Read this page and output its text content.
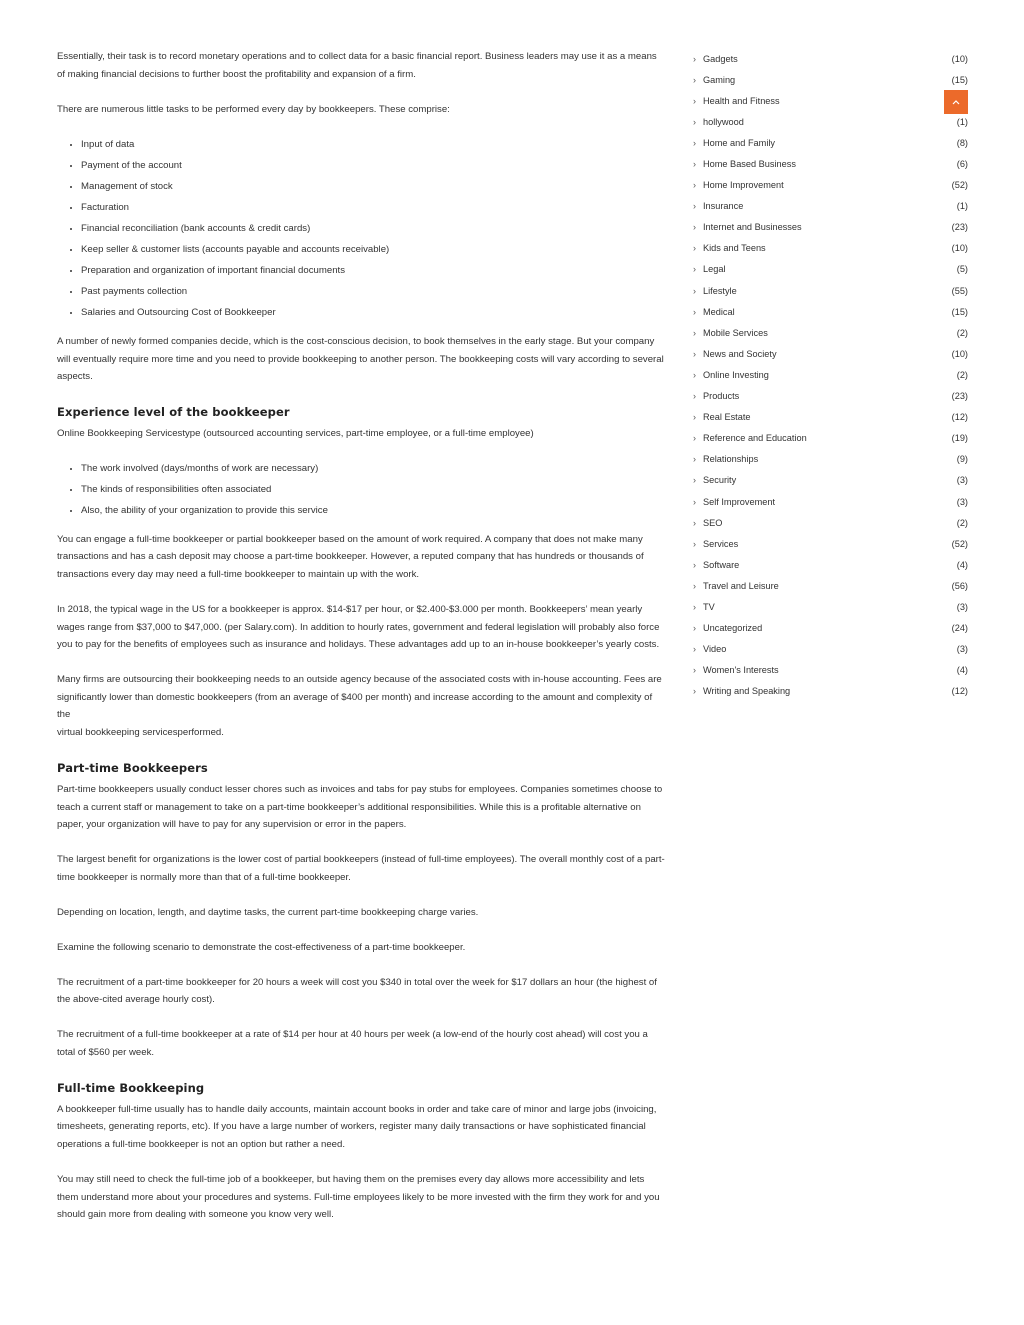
Essentially, their task is to record monetary operations and to collect data for a basic financial report. Business leaders may use it as a means of making financial decisions to further boost the profitability and expansion of a firm.

There are numerous little tasks to be performed every day by bookkeepers. These comprise:

• Input of data
• Payment of the account
• Management of stock
• Facturation
• Financial reconciliation (bank accounts & credit cards)
• Keep seller & customer lists (accounts payable and accounts receivable)
• Preparation and organization of important financial documents
• Past payments collection
• Salaries and Outsourcing Cost of Bookkeeper

A number of newly formed companies decide, which is the cost-conscious decision, to book themselves in the early stage. But your company will eventually require more time and you need to provide bookkeeping to another person. The bookkeeping costs will vary according to several aspects.

Experience level of the bookkeeper

Online Bookkeeping Servicestype (outsourced accounting services, part-time employee, or a full-time employee)

• The work involved (days/months of work are necessary)
• The kinds of responsibilities often associated
• Also, the ability of your organization to provide this service

You can engage a full-time bookkeeper or partial bookkeeper based on the amount of work required. A company that does not make many transactions and has a cash deposit may choose a part-time bookkeeper. However, a reputed company that has hundreds or thousands of transactions every day may need a full-time bookkeeper to maintain up with the work.

In 2018, the typical wage in the US for a bookkeeper is approx. $14-$17 per hour, or $2.400-$3.000 per month. Bookkeepers’ mean yearly wages range from $37,000 to $47,000. (per Salary.com). In addition to hourly rates, government and federal legislation will probably also force you to pay for the benefits of employees such as insurance and holidays. These advantages add up to an in-house bookkeeper’s yearly costs.

Many firms are outsourcing their bookkeeping needs to an outside agency because of the associated costs with in-house accounting. Fees are significantly lower than domestic bookkeepers (from an average of $400 per month) and increase according to the amount and complexity of the
virtual bookkeeping servicesperformed.

Part-time Bookkeepers

Part-time bookkeepers usually conduct lesser chores such as invoices and tabs for pay stubs for employees. Companies sometimes choose to teach a current staff or management to take on a part-time bookkeeper’s additional responsibilities. While this is a profitable alternative on paper, your organization will have to pay for any supervision or error in the papers.

The largest benefit for organizations is the lower cost of partial bookkeepers (instead of full-time employees). The overall monthly cost of a part-time bookkeeper is normally more than that of a full-time bookkeeper.

Depending on location, length, and daytime tasks, the current part-time bookkeeping charge varies.

Examine the following scenario to demonstrate the cost-effectiveness of a part-time bookkeeper.

The recruitment of a part-time bookkeeper for 20 hours a week will cost you $340 in total over the week for $17 dollars an hour (the highest of the above-cited average hourly cost).

The recruitment of a full-time bookkeeper at a rate of $14 per hour at 40 hours per week (a low-end of the hourly cost ahead) will cost you a total of $560 per week.

Full-time Bookkeeping

A bookkeeper full-time usually has to handle daily accounts, maintain account books in order and take care of minor and large jobs (invoicing, timesheets, generating reports, etc). If you have a large number of workers, register many daily transactions or have sophisticated financial operations a full-time bookkeeper is not an option but rather a need.

You may still need to check the full-time job of a bookkeeper, but having them on the premises every day allows more accessibility and lets them understand more about your procedures and systems. Full-time employees likely to be more invested with the firm they work for and you should gain more from dealing with someone you know very well.

› Gadgets	(10)
› Gaming	(15)
› Health and Fitness
› hollywood	(1)
› Home and Family	(8)
› Home Based Business	(6)
› Home Improvement	(52)
› Insurance	(1)
› Internet and Businesses	(23)
› Kids and Teens	(10)
› Legal	(5)
› Lifestyle	(55)
› Medical	(15)
› Mobile Services	(2)
› News and Society	(10)
› Online Investing	(2)
› Products	(23)
› Real Estate	(12)
› Reference and Education	(19)
› Relationships	(9)
› Security	(3)
› Self Improvement	(3)
› SEO	(2)
› Services	(52)
› Software	(4)
› Travel and Leisure	(56)
› TV	(3)
› Uncategorized	(24)
› Video	(3)
› Women's Interests	(4)
› Writing and Speaking	(12)
